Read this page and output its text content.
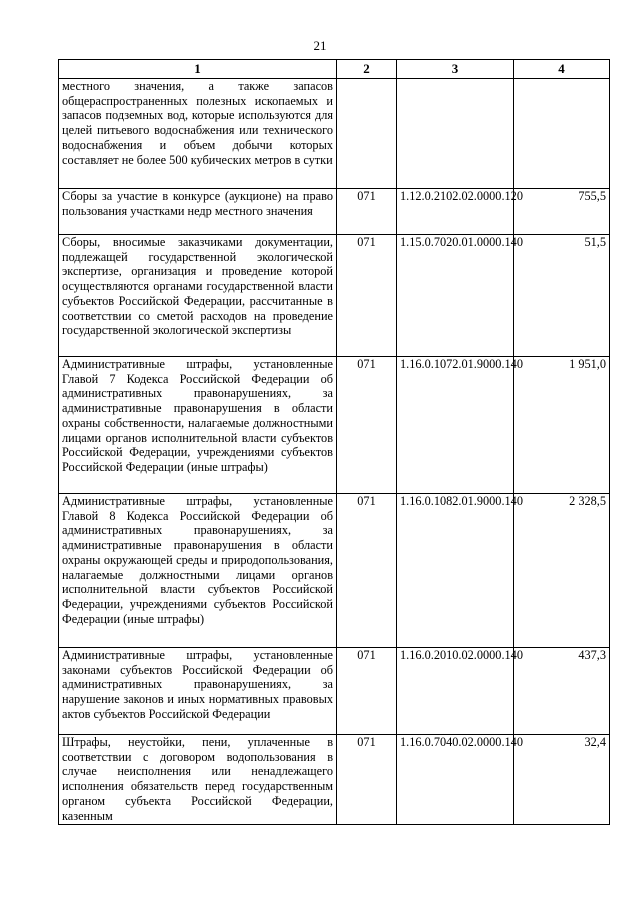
21
1	2	3	4
местного значения, а также запасов общераспространенных полезных ископаемых и запасов подземных вод, которые используются для целей питьевого водоснабжения или технического водоснабжения и объем добычи которых составляет не более 500 кубических метров в сутки			
Сборы за участие в конкурсе (аукционе) на право пользования участками недр местного значения	071	1.12.0.2102.02.0000.120	755,5
Сборы, вносимые заказчиками документации, подлежащей государственной экологической экспертизе, организация и проведение которой осуществляются органами государственной власти субъектов Российской Федерации, рассчитанные в соответствии со сметой расходов на проведение государственной экологической экспертизы	071	1.15.0.7020.01.0000.140	51,5
Административные штрафы, установленные Главой 7 Кодекса Российской Федерации об административных правонарушениях, за административные правонарушения в области охраны собственности, налагаемые должностными лицами органов исполнительной власти субъектов Российской Федерации, учреждениями субъектов Российской Федерации (иные штрафы)	071	1.16.0.1072.01.9000.140	1 951,0
Административные штрафы, установленные Главой 8 Кодекса Российской Федерации об административных правонарушениях, за административные правонарушения в области охраны окружающей среды и природопользования, налагаемые должностными лицами органов исполнительной власти субъектов Российской Федерации, учреждениями субъектов Российской Федерации (иные штрафы)	071	1.16.0.1082.01.9000.140	2 328,5
Административные штрафы, установленные законами субъектов Российской Федерации об административных правонарушениях, за нарушение законов и иных нормативных правовых актов субъектов Российской Федерации	071	1.16.0.2010.02.0000.140	437,3
Штрафы, неустойки, пени, уплаченные в соответствии с договором водопользования в случае неисполнения или ненадлежащего исполнения обязательств перед государственным органом субъекта Российской Федерации, казенным	071	1.16.0.7040.02.0000.140	32,4
